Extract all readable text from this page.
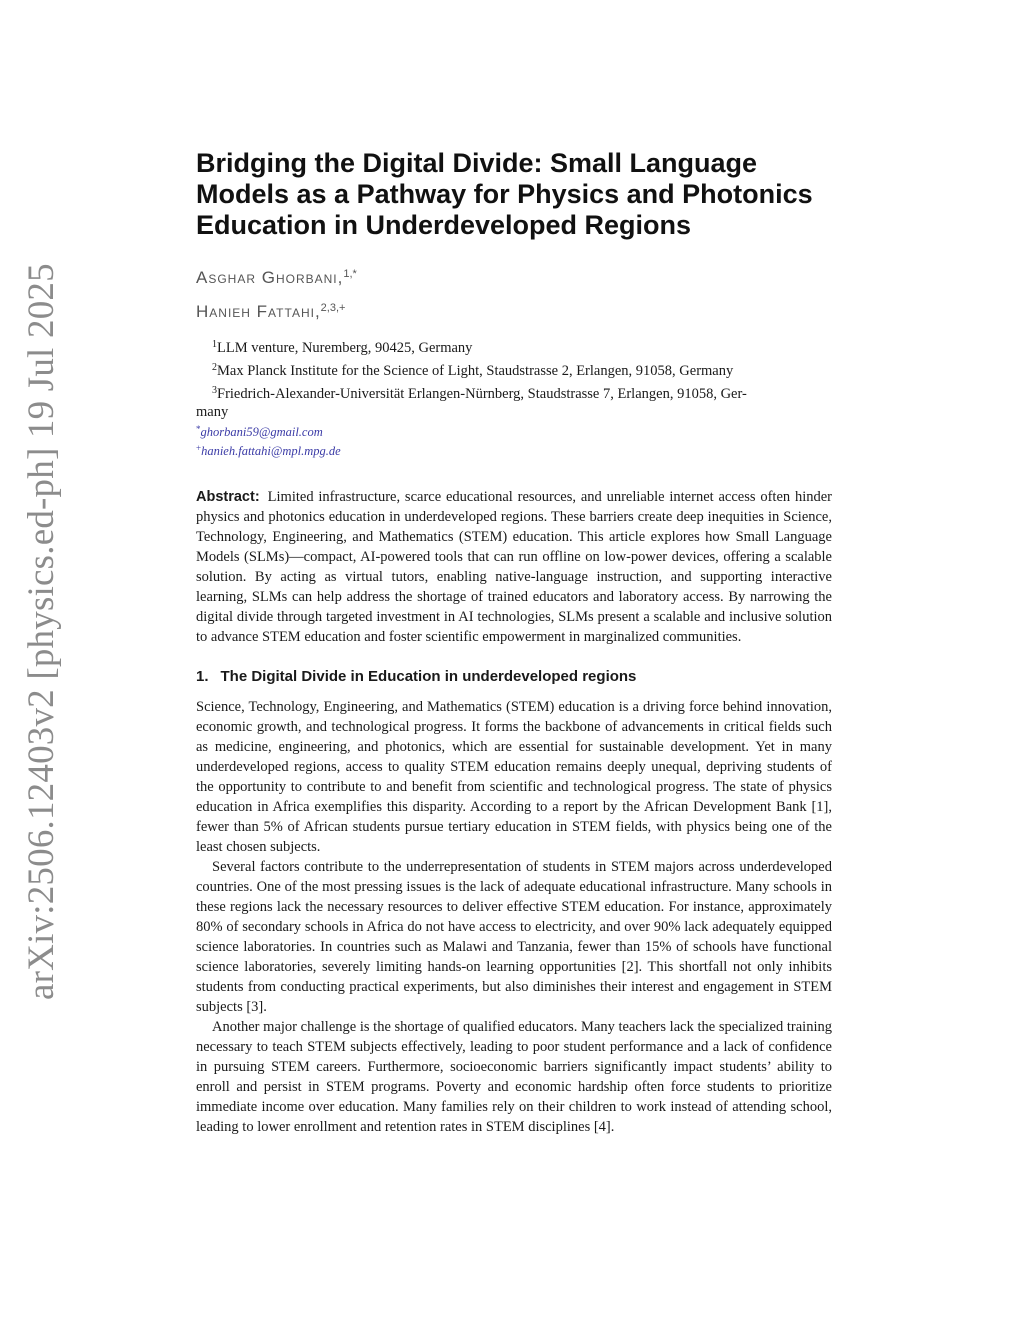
arXiv:2506.12403v2 [physics.ed-ph] 19 Jul 2025
Bridging the Digital Divide: Small Language
Models as a Pathway for Physics and Photonics
Education in Underdeveloped Regions
Asghar Ghorbani,$^{1,*}$
Hanieh Fattahi,$^{2,3,+}$
$^1$LLM venture, Nuremberg, 90425, Germany
$^2$Max Planck Institute for the Science of Light, Staudstrasse 2, Erlangen, 91058, Germany
$^3$Friedrich-Alexander-Universität Erlangen-Nürnberg, Staudstrasse 7, Erlangen, 91058, Ger-
many
*ghorbani59@gmail.com
+hanieh.fattahi@mpl.mpg.de

Abstract: Limited infrastructure, scarce educational resources, and unreliable internet access often hinder physics and photonics education in underdeveloped regions. These barriers create deep inequities in Science, Technology, Engineering, and Mathematics (STEM) education. This article explores how Small Language Models (SLMs)—compact, AI-powered tools that can run offline on low-power devices, offering a scalable solution. By acting as virtual tutors, enabling native-language instruction, and supporting interactive learning, SLMs can help address the shortage of trained educators and laboratory access. By narrowing the digital divide through targeted investment in AI technologies, SLMs present a scalable and inclusive solution to advance STEM education and foster scientific empowerment in marginalized communities.

1. The Digital Divide in Education in underdeveloped regions

Science, Technology, Engineering, and Mathematics (STEM) education is a driving force behind innovation, economic growth, and technological progress. It forms the backbone of advancements in critical fields such as medicine, engineering, and photonics, which are essential for sustainable development. Yet in many underdeveloped regions, access to quality STEM education remains deeply unequal, depriving students of the opportunity to contribute to and benefit from scientific and technological progress. The state of physics education in Africa exemplifies this disparity. According to a report by the African Development Bank [1], fewer than 5% of African students pursue tertiary education in STEM fields, with physics being one of the least chosen subjects.

Several factors contribute to the underrepresentation of students in STEM majors across underdeveloped countries. One of the most pressing issues is the lack of adequate educational infrastructure. Many schools in these regions lack the necessary resources to deliver effective STEM education. For instance, approximately 80% of secondary schools in Africa do not have access to electricity, and over 90% lack adequately equipped science laboratories. In countries such as Malawi and Tanzania, fewer than 15% of schools have functional science laboratories, severely limiting hands-on learning opportunities [2]. This shortfall not only inhibits students from conducting practical experiments, but also diminishes their interest and engagement in STEM subjects [3].

Another major challenge is the shortage of qualified educators. Many teachers lack the specialized training necessary to teach STEM subjects effectively, leading to poor student performance and a lack of confidence in pursuing STEM careers. Furthermore, socioeconomic barriers significantly impact students’ ability to enroll and persist in STEM programs. Poverty and economic hardship often force students to prioritize immediate income over education. Many families rely on their children to work instead of attending school, leading to lower enrollment and retention rates in STEM disciplines [4].
